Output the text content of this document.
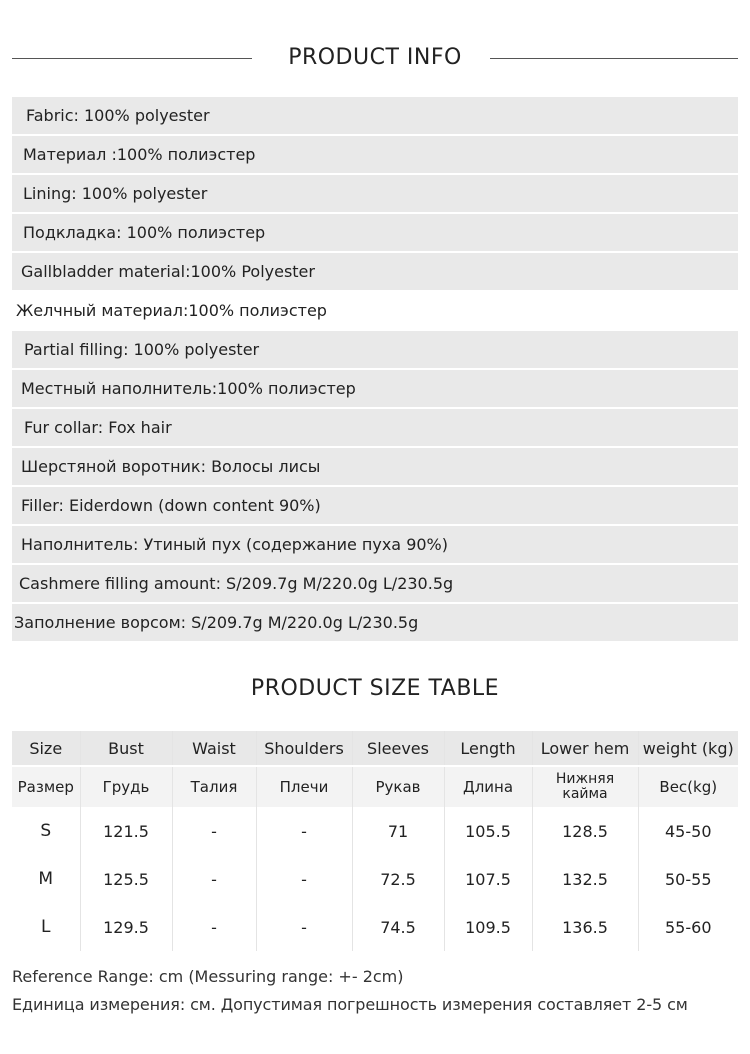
PRODUCT INFO
Fabric: 100% polyester
Материал :100% полиэстер
Lining: 100% polyester
Подкладка: 100% полиэстер
Gallbladder material:100% Polyester
Желчный материал:100% полиэстер
Partial filling: 100% polyester
Местный наполнитель:100% полиэстер
Fur collar: Fox hair
Шерстяной воротник: Волосы лисы
Filler: Eiderdown (down content 90%)
Наполнитель: Утиный пух (содержание пуха 90%)
Cashmere filling amount: S/209.7g M/220.0g L/230.5g
Заполнение ворсом: S/209.7g M/220.0g L/230.5g
PRODUCT SIZE TABLE
Size	Bust	Waist	Shoulders	Sleeves	Length	Lower hem	weight (kg)
Размер	Грудь	Талия	Плечи	Рукав	Длина	Нижняя кайма	Вес(kg)
S	121.5	-	-	71	105.5	128.5	45-50
M	125.5	-	-	72.5	107.5	132.5	50-55
L	129.5	-	-	74.5	109.5	136.5	55-60
Reference Range: cm (Messuring range: +- 2cm)
Единица измерения: см. Допустимая погрешность измерения составляет 2-5 см
